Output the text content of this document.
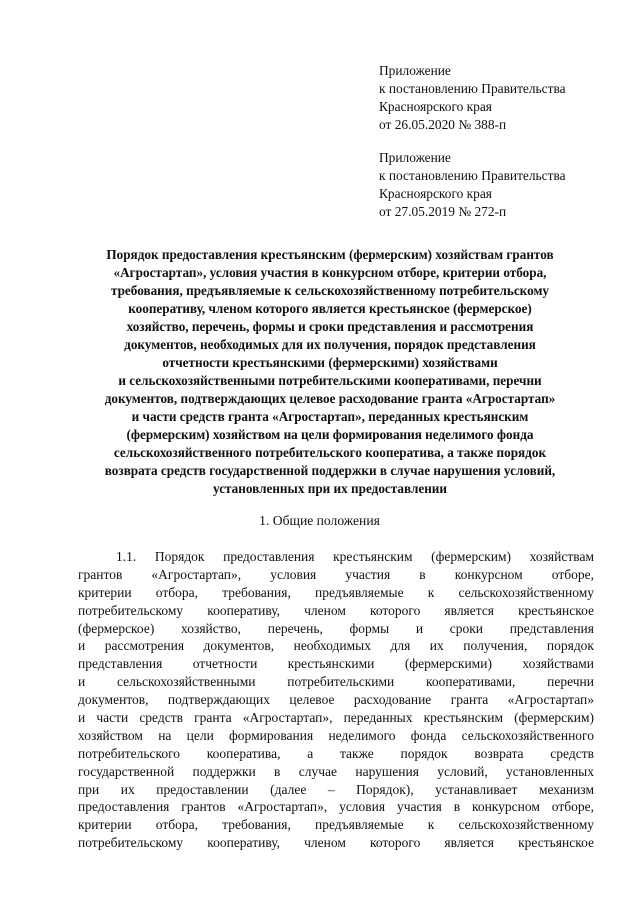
Приложение
к постановлению Правительства
Красноярского края
от 26.05.2020 № 388-п
Приложение
к постановлению Правительства
Красноярского края
от 27.05.2019 № 272-п
Порядок предоставления крестьянским (фермерским) хозяйствам грантов
«Агростартап», условия участия в конкурсном отборе, критерии отбора,
требования, предъявляемые к сельскохозяйственному потребительскому
кооперативу, членом которого является крестьянское (фермерское)
хозяйство, перечень, формы и сроки представления и рассмотрения
документов, необходимых для их получения, порядок представления
отчетности крестьянскими (фермерскими) хозяйствами
и сельскохозяйственными потребительскими кооперативами, перечни
документов, подтверждающих целевое расходование гранта «Агростартап»
и части средств гранта «Агростартап», переданных крестьянским
(фермерским) хозяйством на цели формирования неделимого фонда
сельскохозяйственного потребительского кооператива, а также порядок
возврата средств государственной поддержки в случае нарушения условий,
установленных при их предоставлении
1. Общие положения
1.1. Порядок предоставления крестьянским (фермерским) хозяйствам
грантов «Агростартап», условия участия в конкурсном отборе,
критерии отбора, требования, предъявляемые к сельскохозяйственному
потребительскому кооперативу, членом которого является крестьянское
(фермерское) хозяйство, перечень, формы и сроки представления
и рассмотрения документов, необходимых для их получения, порядок
представления отчетности крестьянскими (фермерскими) хозяйствами
и сельскохозяйственными потребительскими кооперативами, перечни
документов, подтверждающих целевое расходование гранта «Агростартап»
и части средств гранта «Агростартап», переданных крестьянским (фермерским)
хозяйством на цели формирования неделимого фонда сельскохозяйственного
потребительского кооператива, а также порядок возврата средств
государственной поддержки в случае нарушения условий, установленных
при их предоставлении (далее – Порядок), устанавливает механизм
предоставления грантов «Агростартап», условия участия в конкурсном отборе,
критерии отбора, требования, предъявляемые к сельскохозяйственному
потребительскому кооперативу, членом которого является крестьянское
